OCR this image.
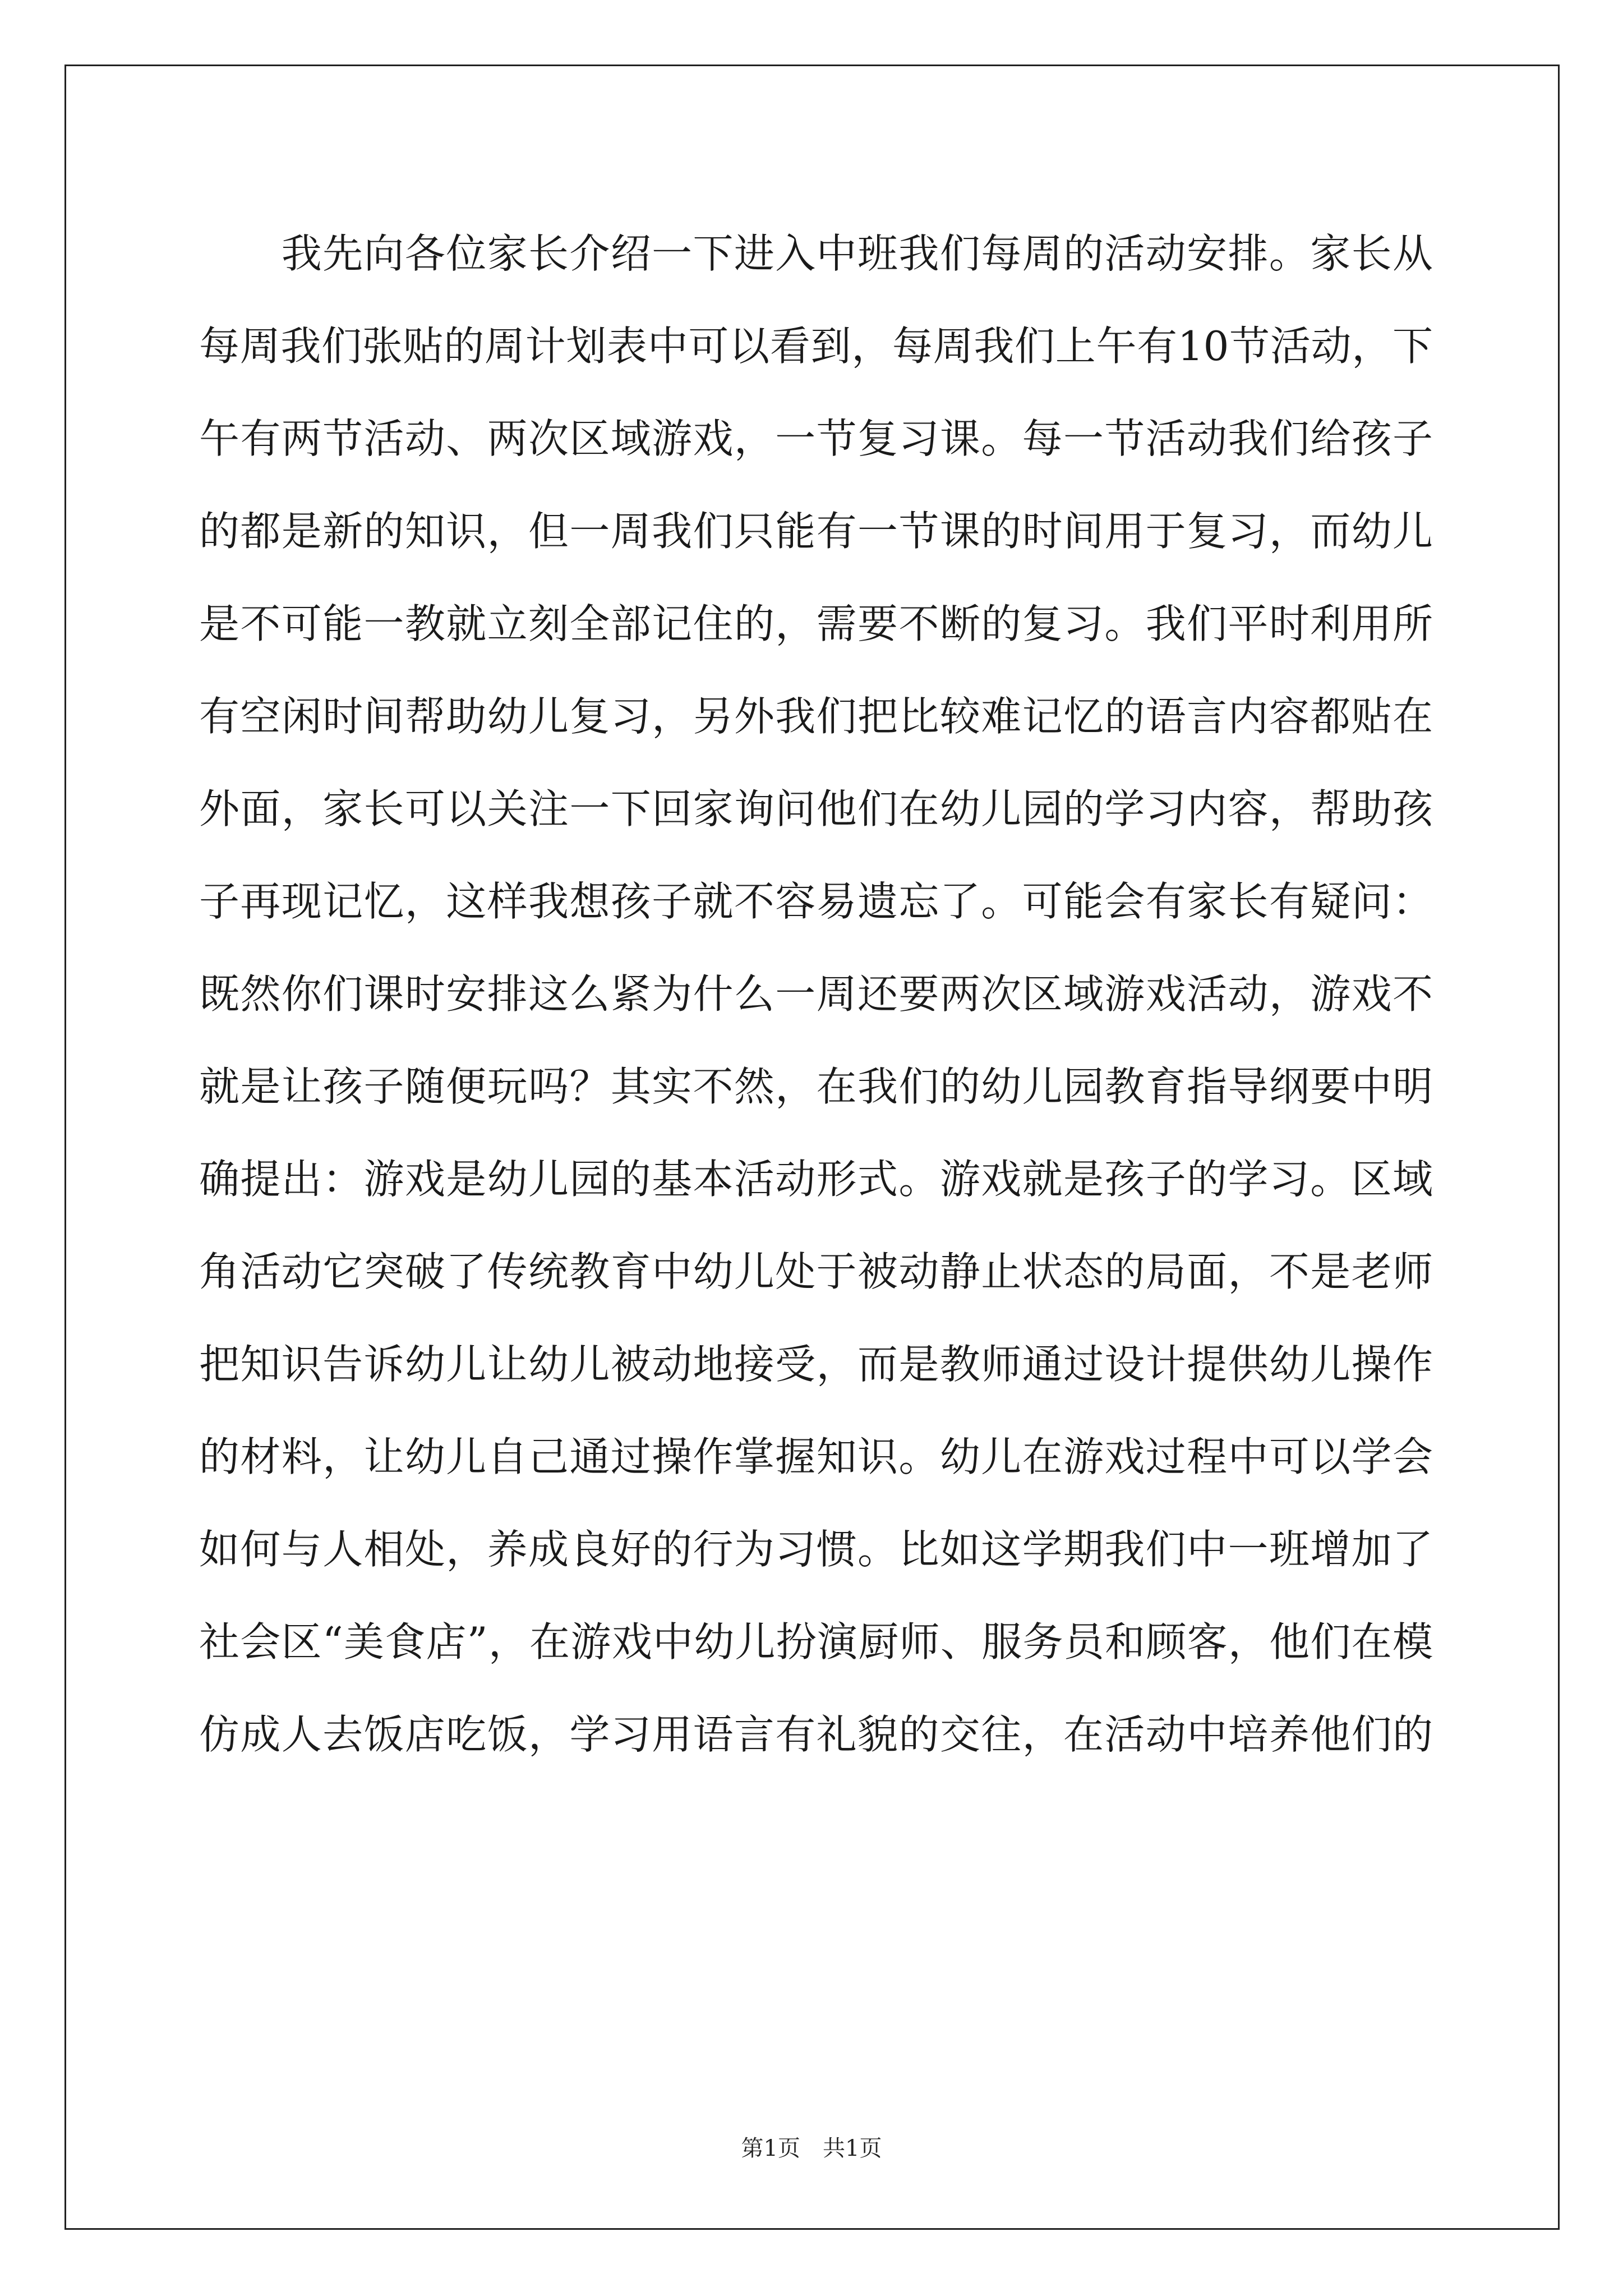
　　我先向各位家长介绍一下进入中班我们每周的活动安排。家长从
每周我们张贴的周计划表中可以看到，每周我们上午有10节活动，下
午有两节活动、两次区域游戏，一节复习课。每一节活动我们给孩子
的都是新的知识，但一周我们只能有一节课的时间用于复习，而幼儿
是不可能一教就立刻全部记住的，需要不断的复习。我们平时利用所
有空闲时间帮助幼儿复习，另外我们把比较难记忆的语言内容都贴在
外面，家长可以关注一下回家询问他们在幼儿园的学习内容，帮助孩
子再现记忆，这样我想孩子就不容易遗忘了。可能会有家长有疑问：
既然你们课时安排这么紧为什么一周还要两次区域游戏活动，游戏不
就是让孩子随便玩吗？其实不然，在我们的幼儿园教育指导纲要中明
确提出：游戏是幼儿园的基本活动形式。游戏就是孩子的学习。区域
角活动它突破了传统教育中幼儿处于被动静止状态的局面，不是老师
把知识告诉幼儿让幼儿被动地接受，而是教师通过设计提供幼儿操作
的材料，让幼儿自己通过操作掌握知识。幼儿在游戏过程中可以学会
如何与人相处，养成良好的行为习惯。比如这学期我们中一班增加了
社会区“美食店”，在游戏中幼儿扮演厨师、服务员和顾客，他们在模
仿成人去饭店吃饭，学习用语言有礼貌的交往，在活动中培养他们的
第1页　共1页
